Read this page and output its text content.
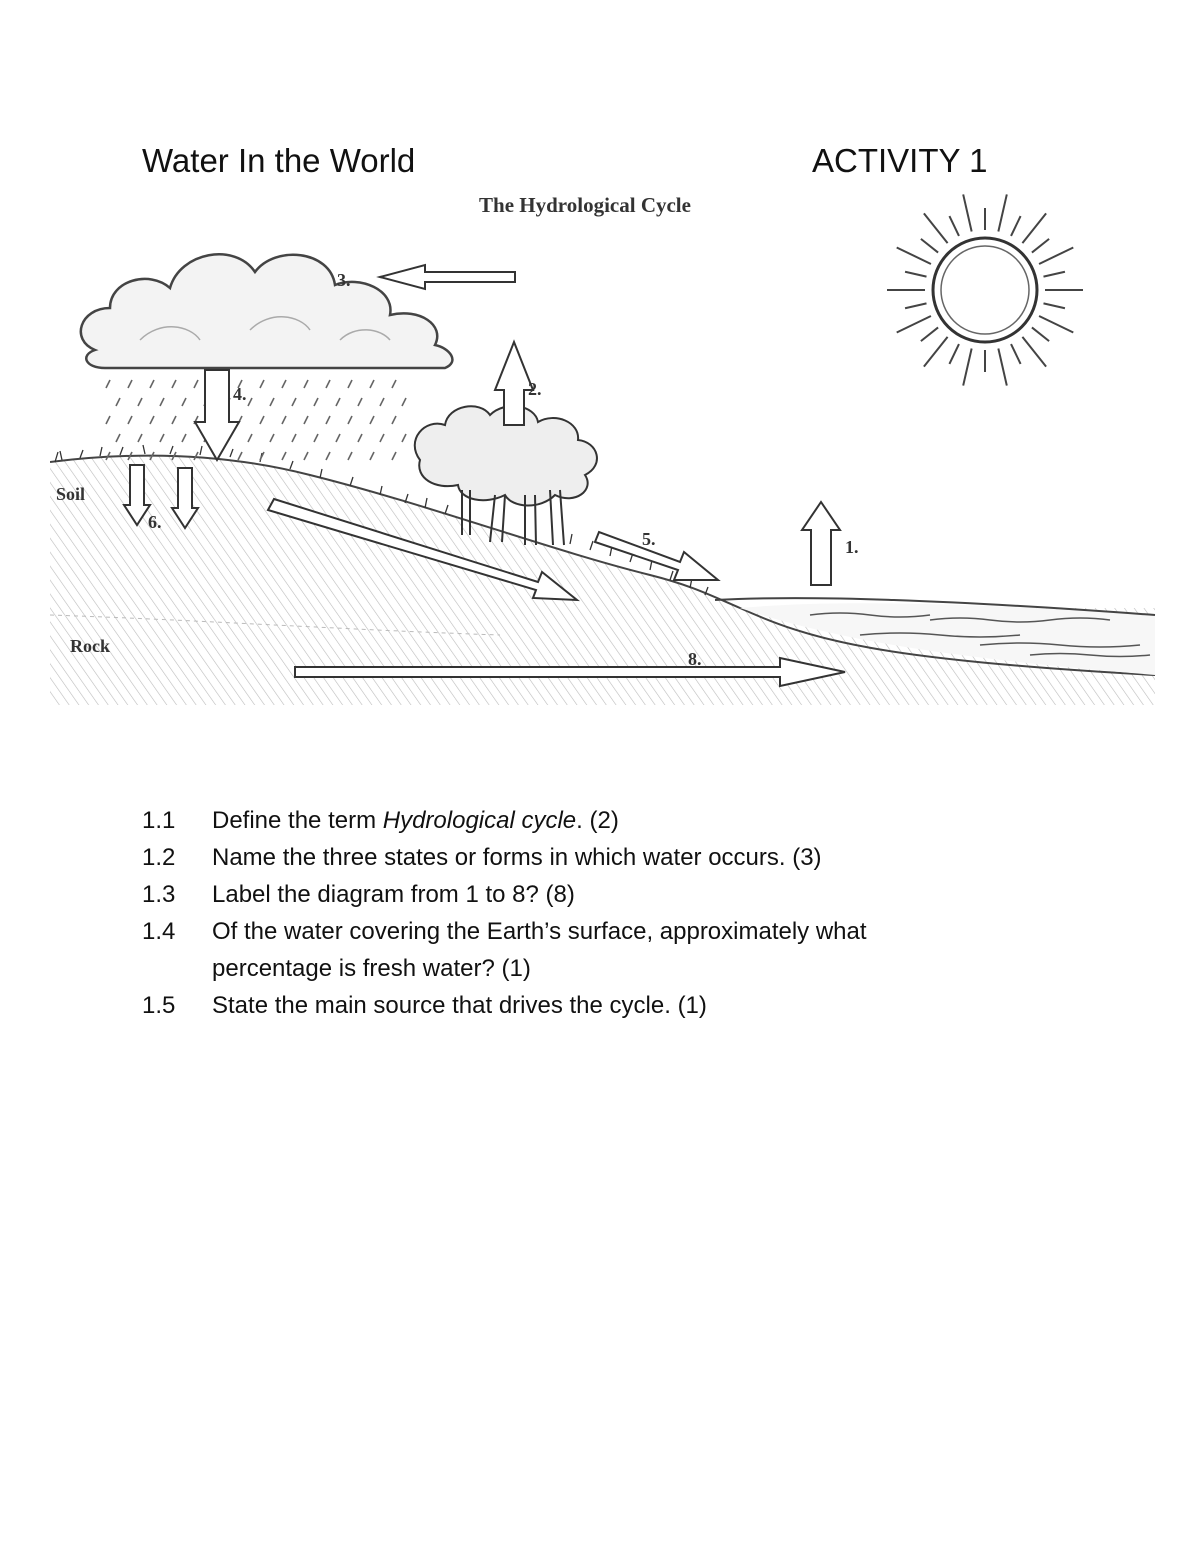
Water In the World	ACTIVITY 1
The Hydrological Cycle
3.
2.
4.
6.
5.	1.
8.
Soil
Rock
1.1	Define the term Hydrological cycle. (2)
1.2	Name the three states or forms in which water occurs. (3)
1.3	Label the diagram from 1 to 8? (8)
1.4	Of the water covering the Earth’s surface, approximately what
percentage is fresh water? (1)
1.5	State the main source that drives the cycle. (1)
